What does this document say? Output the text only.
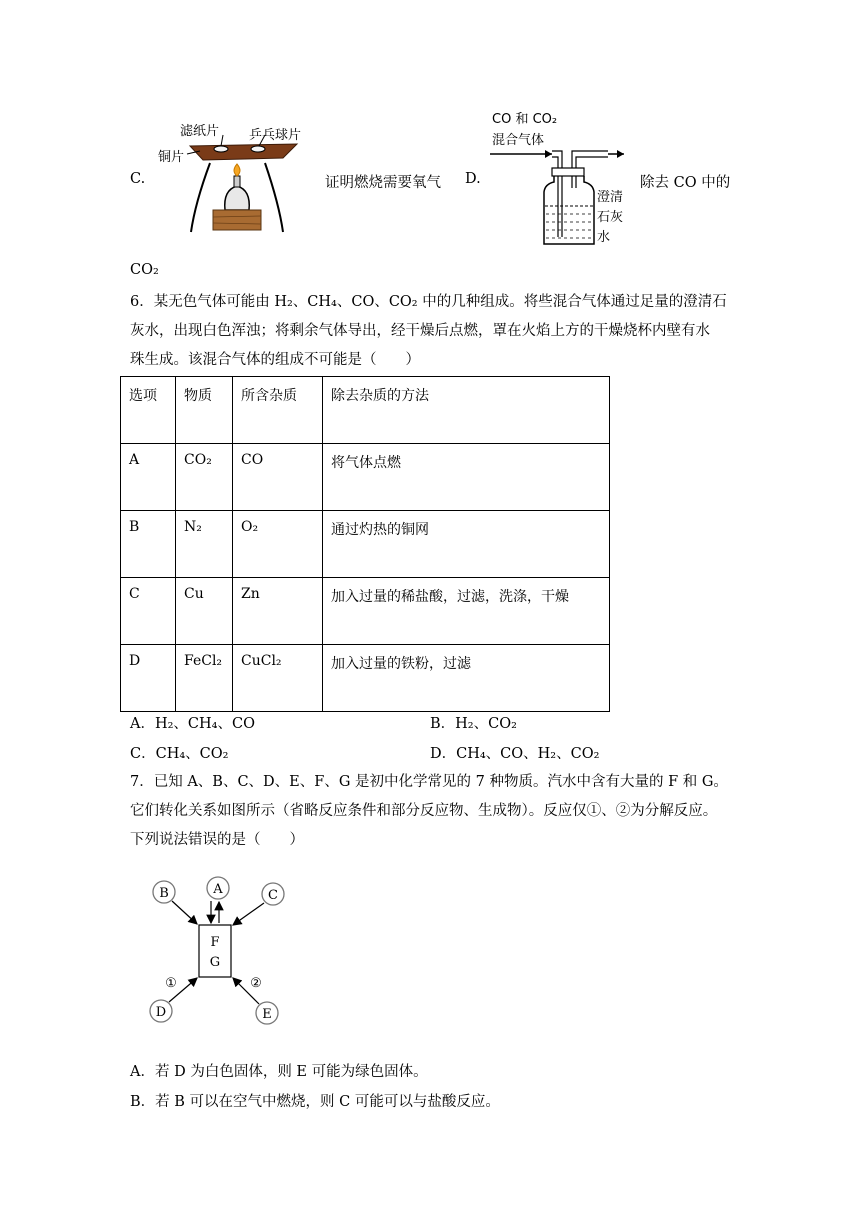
C.
滤纸片 乒乓球片
铜片
证明燃烧需要氧气 D.
CO 和 CO₂
混合气体
澄清
石灰
水
除去 CO 中的
CO₂
6．某无色气体可能由 H₂、CH₄、CO、CO₂ 中的几种组成。将些混合气体通过足量的澄清石
灰水，出现白色浑浊；将剩余气体导出，经干燥后点燃，罩在火焰上方的干燥烧杯内壁有水
珠生成。该混合气体的组成不可能是（　　）
选项	物质	所含杂质	除去杂质的方法
A	CO₂	CO	将气体点燃
B	N₂	O₂	通过灼热的铜网
C	Cu	Zn	加入过量的稀盐酸，过滤，洗涤，干燥
D	FeCl₂	CuCl₂	加入过量的铁粉，过滤
A．H₂、CH₄、CO	B．H₂、CO₂
C．CH₄、CO₂	D．CH₄、CO、H₂、CO₂
7．已知 A、B、C、D、E、F、G 是初中化学常见的 7 种物质。汽水中含有大量的 F 和 G。
它们转化关系如图所示（省略反应条件和部分反应物、生成物）。反应仅①、②为分解反应。
下列说法错误的是（　　）
F
G
A
B	C
D
①
E
②
A．若 D 为白色固体，则 E 可能为绿色固体。
B．若 B 可以在空气中燃烧，则 C 可能可以与盐酸反应。
